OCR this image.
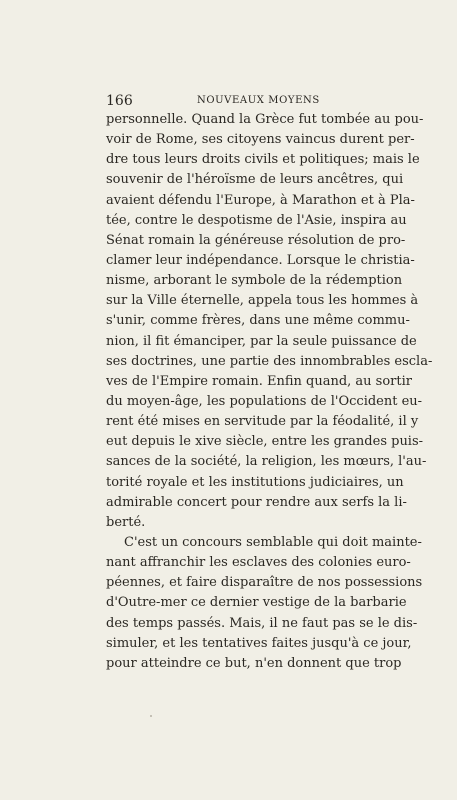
166	NOUVEAUX MOYENS
personnelle. Quand la Grèce fut tombée au pou-
voir de Rome, ses citoyens vaincus durent per-
dre tous leurs droits civils et politiques; mais le
souvenir de l'héroïsme de leurs ancêtres, qui
avaient défendu l'Europe, à Marathon et à Pla-
tée, contre le despotisme de l'Asie, inspira au
Sénat romain la généreuse résolution de pro-
clamer leur indépendance. Lorsque le christia-
nisme, arborant le symbole de la rédemption
sur la Ville éternelle, appela tous les hommes à
s'unir, comme frères, dans une même commu-
nion, il fit émanciper, par la seule puissance de
ses doctrines, une partie des innombrables escla-
ves de l'Empire romain. Enfin quand, au sortir
du moyen-âge, les populations de l'Occident eu-
rent été mises en servitude par la féodalité, il y
eut depuis le xive siècle, entre les grandes puis-
sances de la société, la religion, les mœurs, l'au-
torité royale et les institutions judiciaires, un
admirable concert pour rendre aux serfs la li-
berté.
C'est un concours semblable qui doit mainte-
nant affranchir les esclaves des colonies euro-
péennes, et faire disparaître de nos possessions
d'Outre-mer ce dernier vestige de la barbarie
des temps passés. Mais, il ne faut pas se le dis-
simuler, et les tentatives faites jusqu'à ce jour,
pour atteindre ce but, n'en donnent que trop
